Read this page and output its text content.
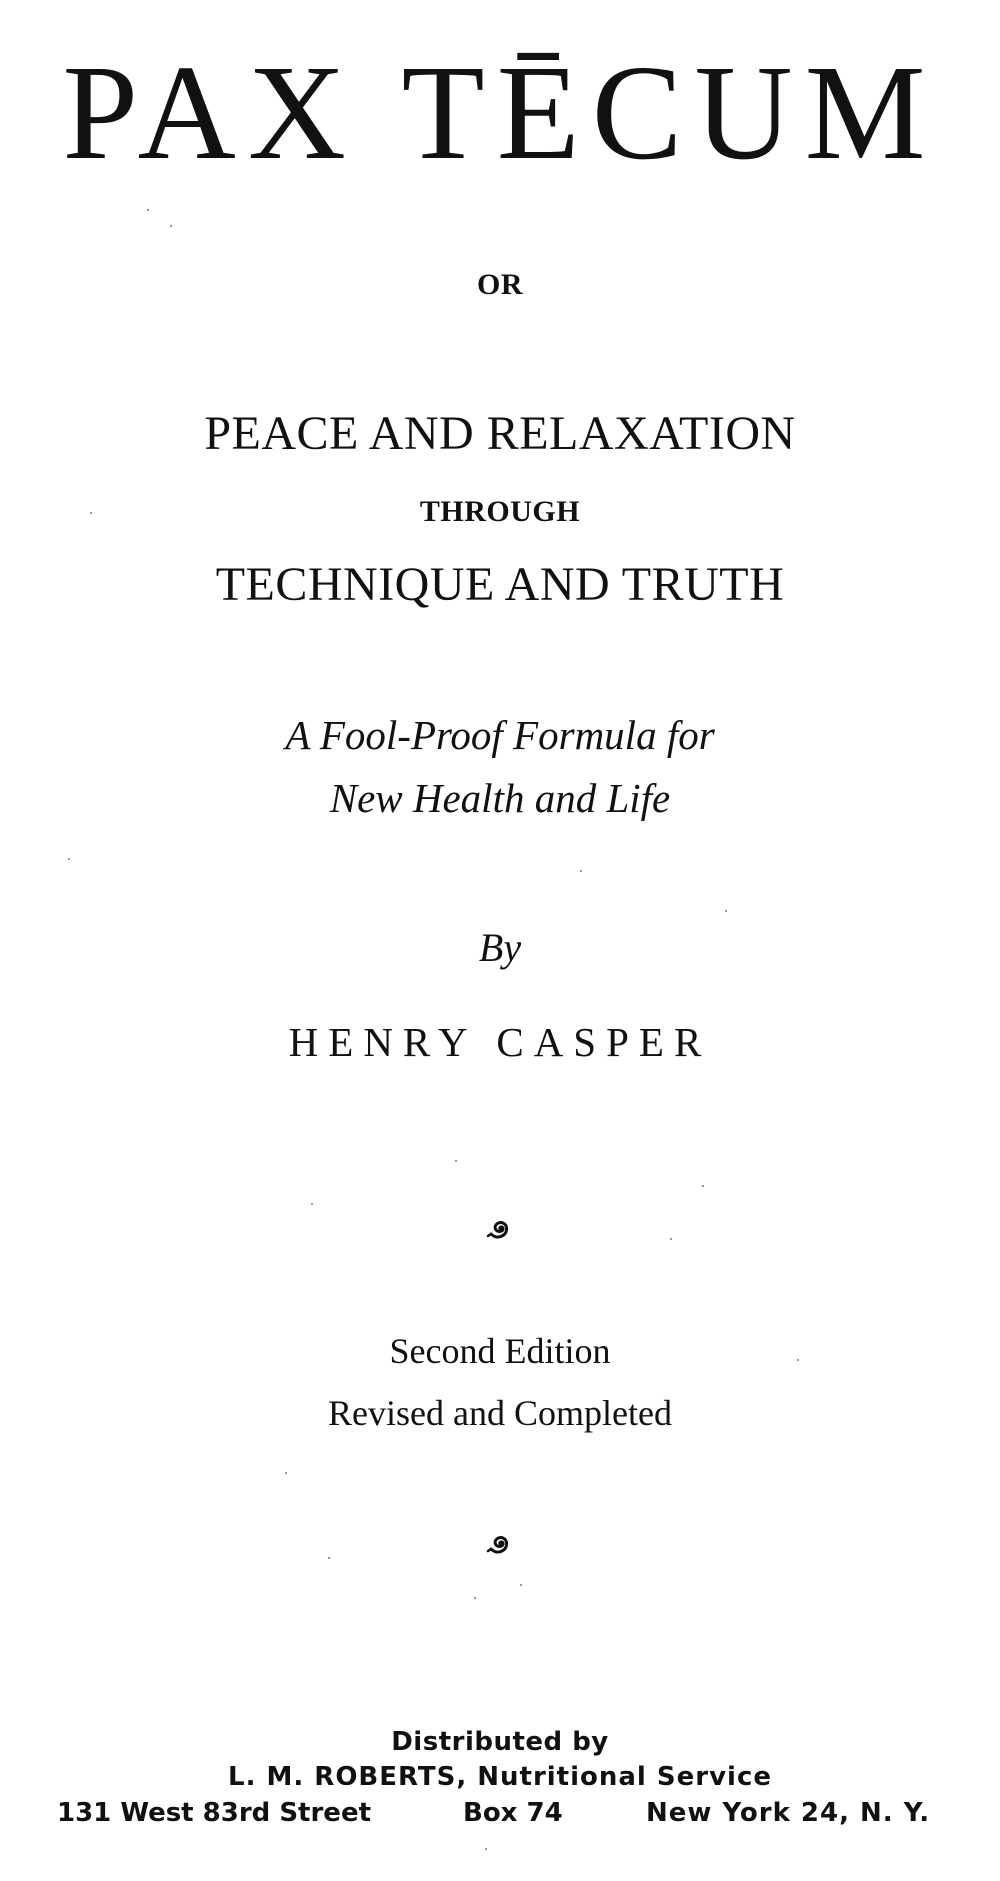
PAX TĒCUM
OR
PEACE AND RELAXATION
THROUGH
TECHNIQUE AND TRUTH
A Fool-Proof Formula for
New Health and Life
By
HENRY CASPER
Second Edition
Revised and Completed
Distributed by
L. M. ROBERTS, Nutritional Service
131 West 83rd Street	Box 74	New York 24, N. Y.
